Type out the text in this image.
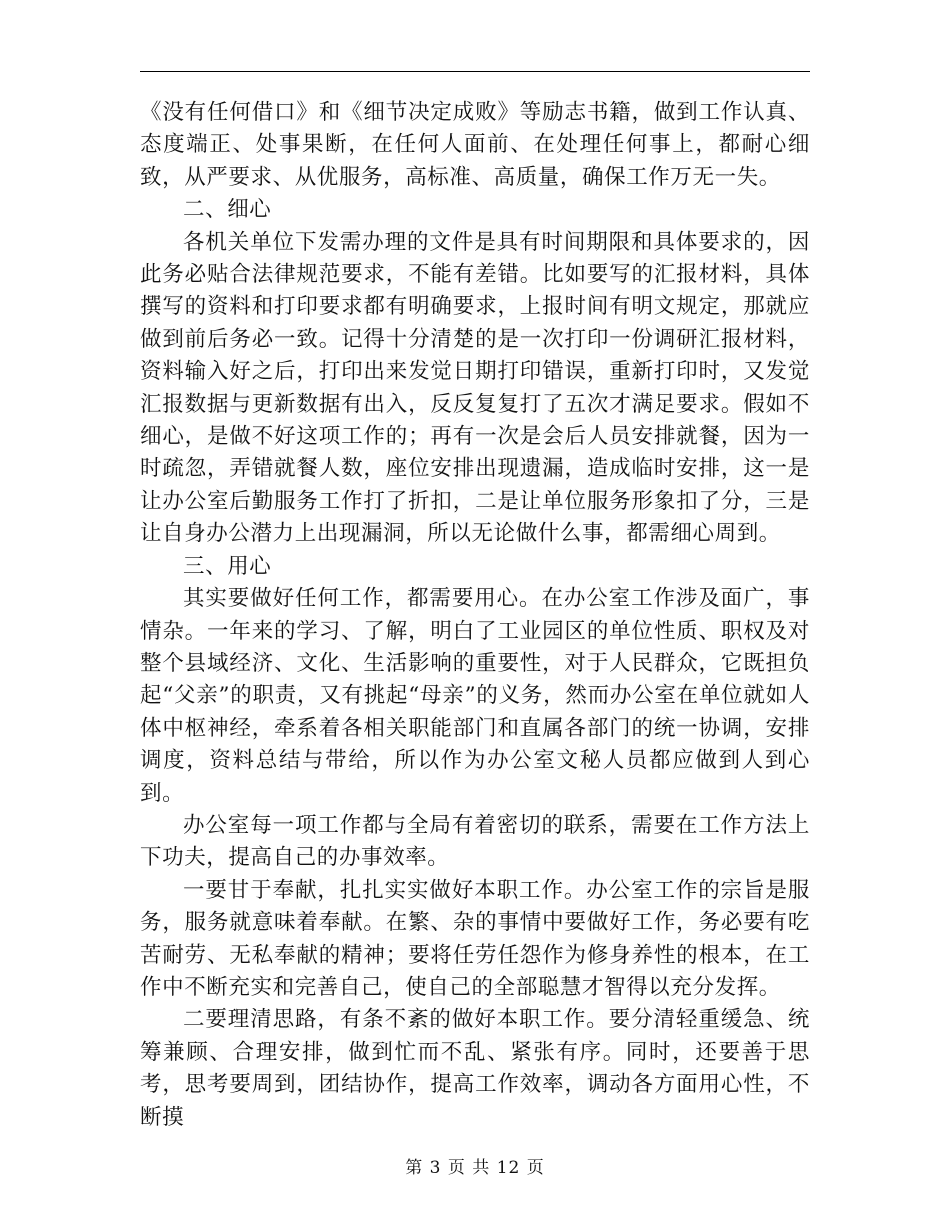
《没有任何借口》和《细节决定成败》等励志书籍，做到工作认真、态度端正、处事果断，在任何人面前、在处理任何事上，都耐心细致，从严要求、从优服务，高标准、高质量，确保工作万无一失。

二、细心

各机关单位下发需办理的文件是具有时间期限和具体要求的，因此务必贴合法律规范要求，不能有差错。比如要写的汇报材料，具体撰写的资料和打印要求都有明确要求，上报时间有明文规定，那就应做到前后务必一致。记得十分清楚的是一次打印一份调研汇报材料，资料输入好之后，打印出来发觉日期打印错误，重新打印时，又发觉汇报数据与更新数据有出入，反反复复打了五次才满足要求。假如不细心，是做不好这项工作的；再有一次是会后人员安排就餐，因为一时疏忽，弄错就餐人数，座位安排出现遗漏，造成临时安排，这一是让办公室后勤服务工作打了折扣，二是让单位服务形象扣了分，三是让自身办公潜力上出现漏洞，所以无论做什么事，都需细心周到。

三、用心

其实要做好任何工作，都需要用心。在办公室工作涉及面广，事情杂。一年来的学习、了解，明白了工业园区的单位性质、职权及对整个县域经济、文化、生活影响的重要性，对于人民群众，它既担负起“父亲”的职责，又有挑起“母亲”的义务，然而办公室在单位就如人体中枢神经，牵系着各相关职能部门和直属各部门的统一协调，安排调度，资料总结与带给，所以作为办公室文秘人员都应做到人到心到。

办公室每一项工作都与全局有着密切的联系，需要在工作方法上下功夫，提高自己的办事效率。

一要甘于奉献，扎扎实实做好本职工作。办公室工作的宗旨是服务，服务就意味着奉献。在繁、杂的事情中要做好工作，务必要有吃苦耐劳、无私奉献的精神；要将任劳任怨作为修身养性的根本，在工作中不断充实和完善自己，使自己的全部聪慧才智得以充分发挥。

二要理清思路，有条不紊的做好本职工作。要分清轻重缓急、统筹兼顾、合理安排，做到忙而不乱、紧张有序。同时，还要善于思考，思考要周到，团结协作，提高工作效率，调动各方面用心性，不断摸

第 3 页 共 12 页
